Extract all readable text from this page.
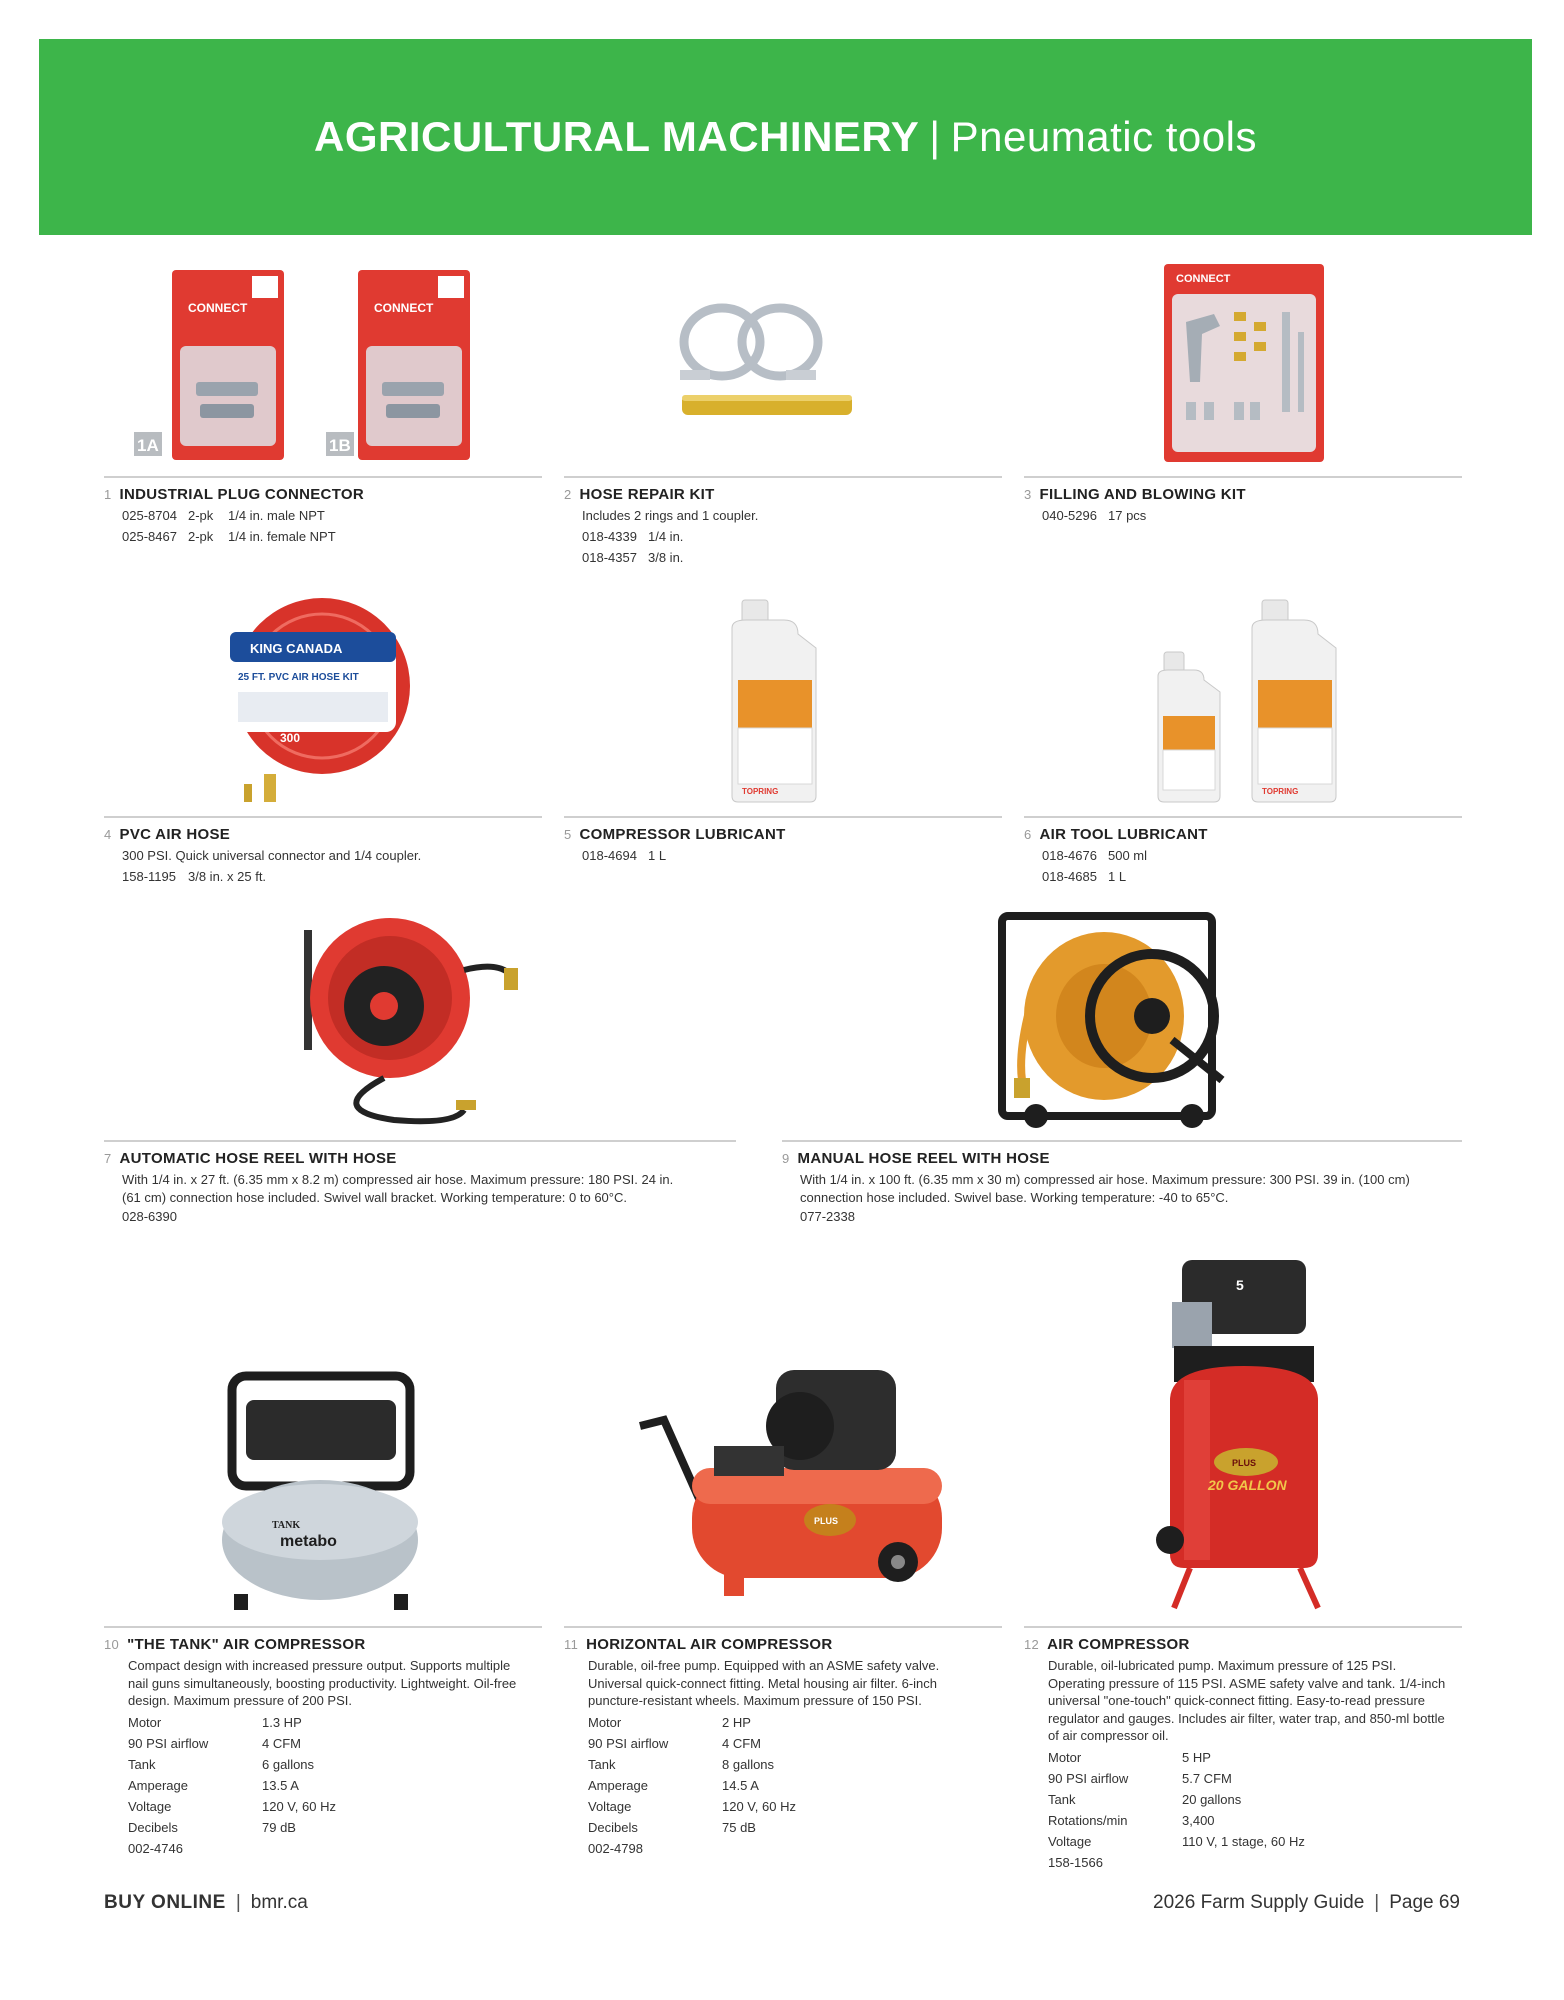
AGRICULTURAL MACHINERY | Pneumatic tools
CONNECT
1A
CONNECT
1B
1 INDUSTRIAL PLUG CONNECTOR
025-8704 2-pk 1/4 in. male NPT
025-8467 2-pk 1/4 in. female NPT
2 HOSE REPAIR KIT
Includes 2 rings and 1 coupler.
018-4339 1/4 in.
018-4357 3/8 in.
CONNECT
3 FILLING AND BLOWING KIT
040-5296 17 pcs
KING CANADA
25 FT. PVC AIR HOSE KIT
300
4 PVC AIR HOSE
300 PSI. Quick universal connector and 1/4 coupler.
158-1195 3/8 in. x 25 ft.
TOPRING
5 COMPRESSOR LUBRICANT
018-4694 1 L
TOPRING
6 AIR TOOL LUBRICANT
018-4676 500 ml
018-4685 1 L
7 AUTOMATIC HOSE REEL WITH HOSE
With 1/4 in. x 27 ft. (6.35 mm x 8.2 m) compressed air hose. Maximum pressure: 180 PSI. 24 in. (61 cm) connection hose included. Swivel wall bracket. Working temperature: 0 to 60°C.
028-6390
9 MANUAL HOSE REEL WITH HOSE
With 1/4 in. x 100 ft. (6.35 mm x 30 m) compressed air hose. Maximum pressure: 300 PSI. 39 in. (100 cm) connection hose included. Swivel base. Working temperature: -40 to 65°C.
077-2338
metabo
TANK
10 "THE TANK" AIR COMPRESSOR
Compact design with increased pressure output. Supports multiple nail guns simultaneously, boosting productivity. Lightweight. Oil-free design. Maximum pressure of 200 PSI.
Motor	1.3 HP
90 PSI airflow	4 CFM
Tank	6 gallons
Amperage	13.5 A
Voltage	120 V, 60 Hz
Decibels	79 dB
002-4746
PLUS
11 HORIZONTAL AIR COMPRESSOR
Durable, oil-free pump. Equipped with an ASME safety valve. Universal quick-connect fitting. Metal housing air filter. 6-inch puncture-resistant wheels. Maximum pressure of 150 PSI.
Motor	2 HP
90 PSI airflow	4 CFM
Tank	8 gallons
Amperage	14.5 A
Voltage	120 V, 60 Hz
Decibels	75 dB
002-4798
5
PLUS
20 GALLON
12 AIR COMPRESSOR
Durable, oil-lubricated pump. Maximum pressure of 125 PSI. Operating pressure of 115 PSI. ASME safety valve and tank. 1/4-inch universal "one-touch" quick-connect fitting. Easy-to-read pressure regulator and gauges. Includes air filter, water trap, and 850-ml bottle of air compressor oil.
Motor	5 HP
90 PSI airflow	5.7 CFM
Tank	20 gallons
Rotations/min	3,400
Voltage	110 V, 1 stage, 60 Hz
158-1566
BUY ONLINE | bmr.ca	2026 Farm Supply Guide | Page 69
